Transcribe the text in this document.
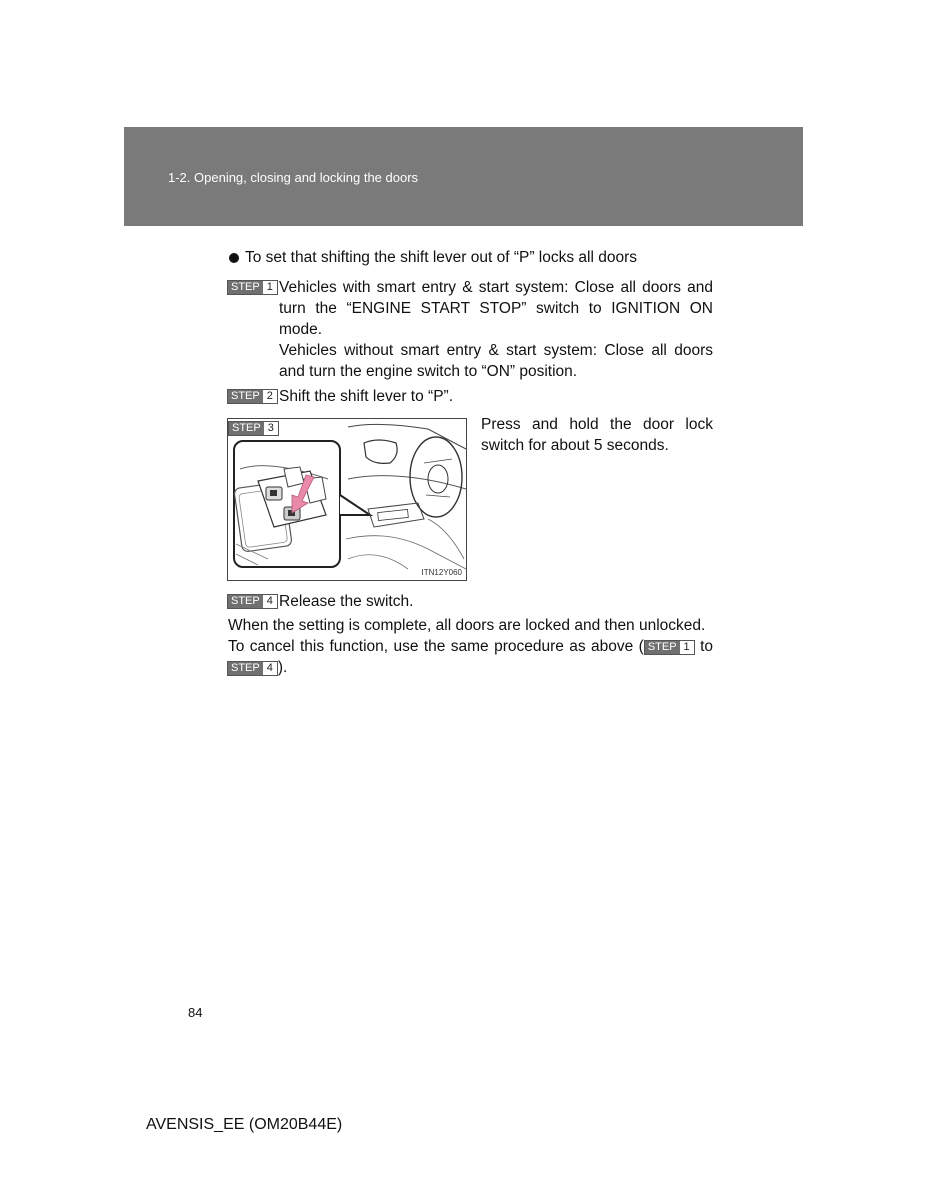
1-2. Opening, closing and locking the doors
To set that shifting the shift lever out of “P” locks all doors
STEP 1 Vehicles with smart entry & start system: Close all doors and
turn the “ENGINE START STOP” switch to IGNITION ON
mode.
Vehicles without smart entry & start system: Close all doors
and turn the engine switch to “ON” position.
STEP 2 Shift the shift lever to “P”.
STEP 3
ITN12Y060
Press and hold the door lock
switch for about 5 seconds.
STEP 4 Release the switch.
When the setting is complete, all doors are locked and then unlocked.
To cancel this function, use the same procedure as above ( STEP 1 to
STEP 4 ).
84
AVENSIS_EE (OM20B44E)
